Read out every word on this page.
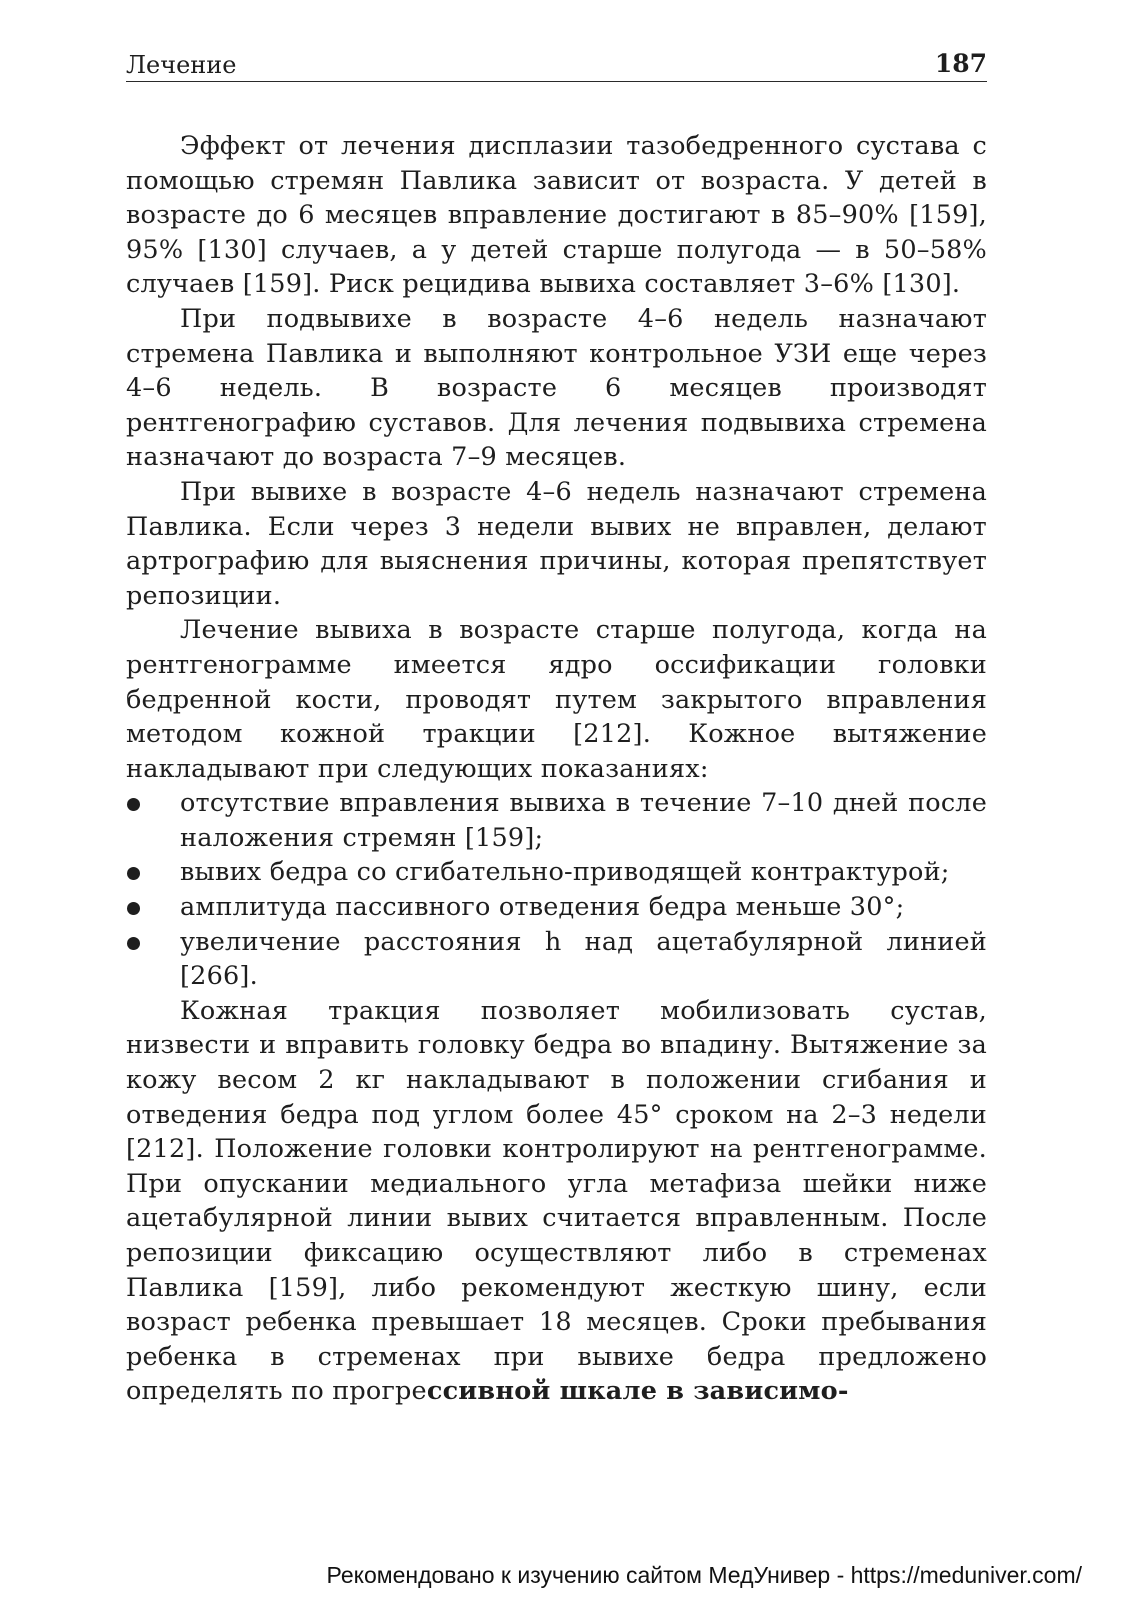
Лечение	187

Эффект от лечения дисплазии тазобедренного сустава с помощью стремян Павлика зависит от возраста. У детей в возрасте до 6 месяцев вправление достигают в 85–90% [159], 95% [130] случаев, а у детей старше полугода — в 50–58% случаев [159]. Риск рецидива вывиха составляет 3–6% [130].

При подвывихе в возрасте 4–6 недель назначают стремена Павлика и выполняют контрольное УЗИ еще через 4–6 недель. В возрасте 6 месяцев производят рентгенографию суставов. Для лечения подвывиха стремена назначают до возраста 7–9 месяцев.

При вывихе в возрасте 4–6 недель назначают стремена Павлика. Если через 3 недели вывих не вправлен, делают артрографию для выяснения причины, которая препятствует репозиции.

Лечение вывиха в возрасте старше полугода, когда на рентгенограмме имеется ядро оссификации головки бедренной кости, проводят путем закрытого вправления методом кожной тракции [212]. Кожное вытяжение накладывают при следующих показаниях:

отсутствие вправления вывиха в течение 7–10 дней после наложения стремян [159];
вывих бедра со сгибательно-приводящей контрактурой;
амплитуда пассивного отведения бедра меньше 30°;
увеличение расстояния h над ацетабулярной линией [266].

Кожная тракция позволяет мобилизовать сустав, низвести и вправить головку бедра во впадину. Вытяжение за кожу весом 2 кг накладывают в положении сгибания и отведения бедра под углом более 45° сроком на 2–3 недели [212]. Положение головки контролируют на рентгенограмме. При опускании медиального угла метафиза шейки ниже ацетабулярной линии вывих считается вправленным. После репозиции фиксацию осуществляют либо в стременах Павлика [159], либо рекомендуют жесткую шину, если возраст ребенка превышает 18 месяцев. Сроки пребывания ребенка в стременах при вывихе бедра предложено определять по прогрессивной шкале в зависимо-

Рекомендовано к изучению сайтом МедУнивер - https://meduniver.com/
